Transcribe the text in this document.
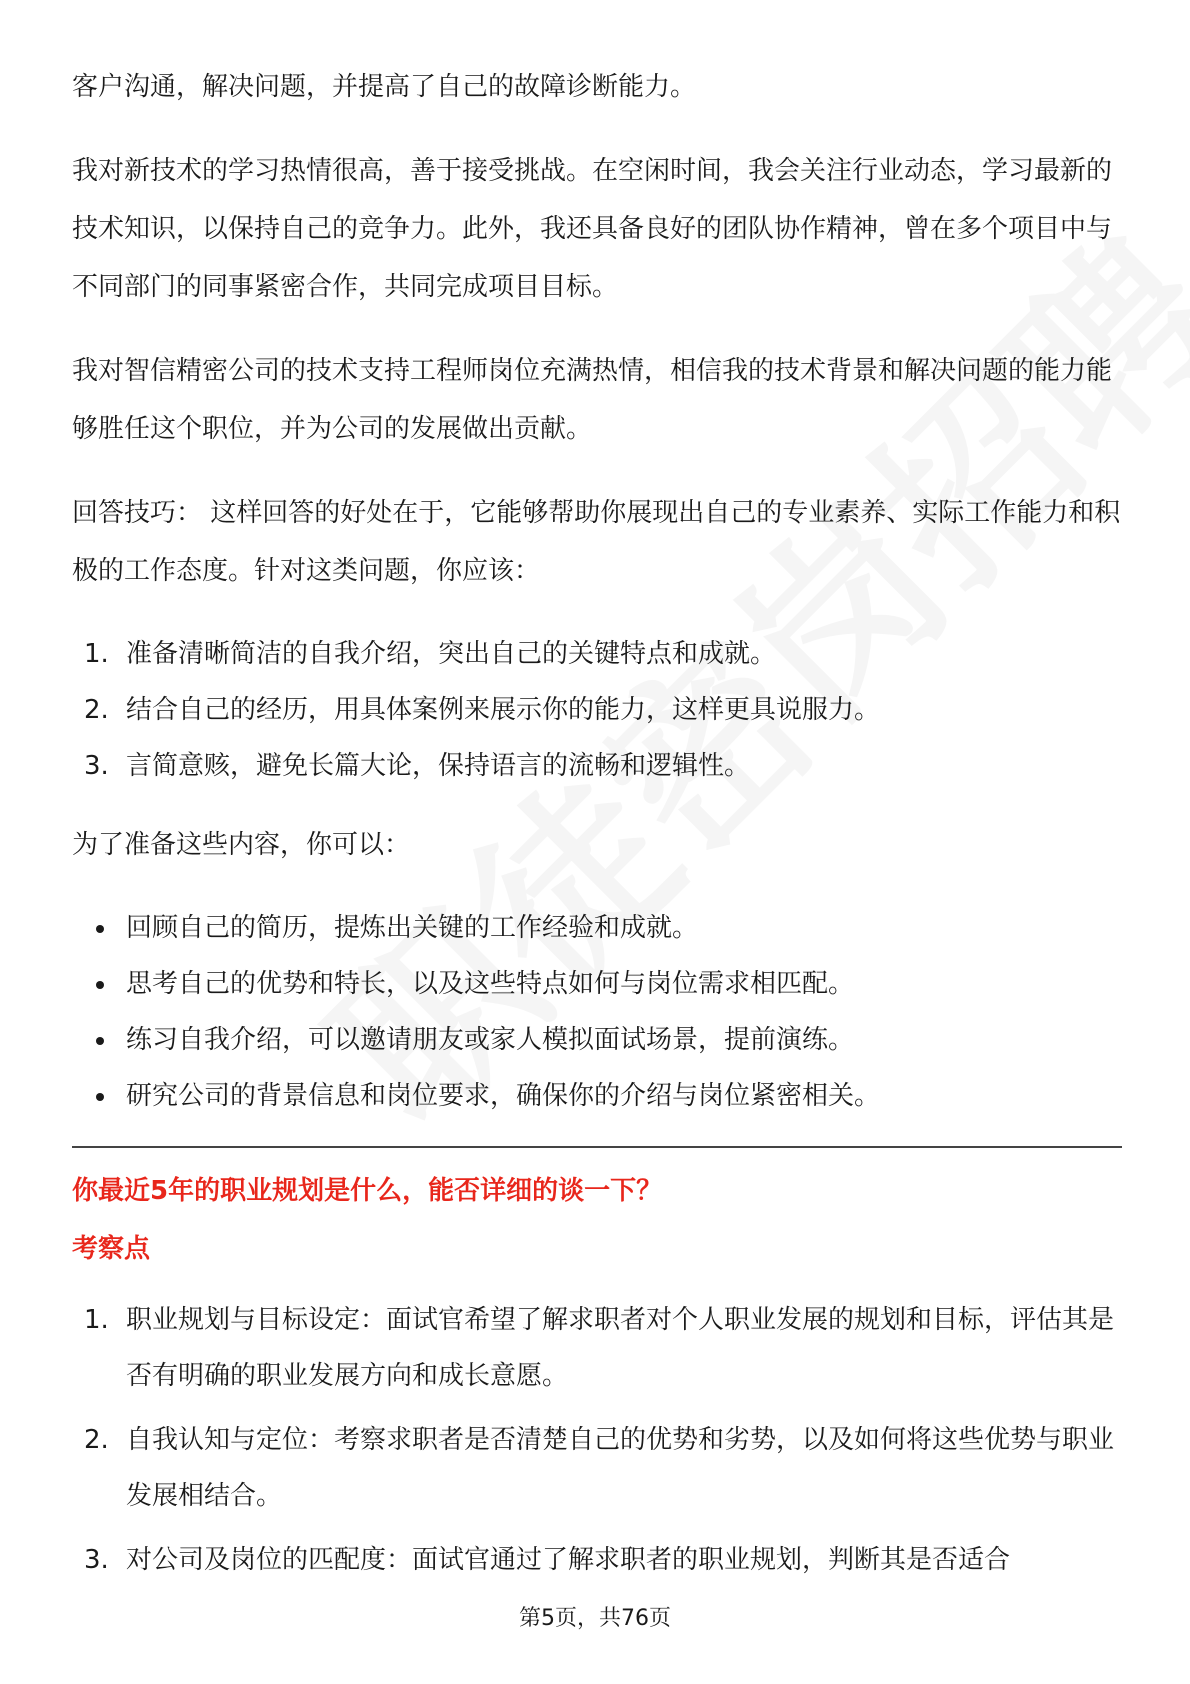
客户沟通，解决问题，并提高了自己的故障诊断能力。

我对新技术的学习热情很高，善于接受挑战。在空闲时间，我会关注行业动态，学习最新的技术知识，以保持自己的竞争力。此外，我还具备良好的团队协作精神，曾在多个项目中与不同部门的同事紧密合作，共同完成项目目标。

我对智信精密公司的技术支持工程师岗位充满热情，相信我的技术背景和解决问题的能力能够胜任这个职位，并为公司的发展做出贡献。

回答技巧： 这样回答的好处在于，它能够帮助你展现出自己的专业素养、实际工作能力和积极的工作态度。针对这类问题，你应该：

1. 准备清晰简洁的自我介绍，突出自己的关键特点和成就。
2. 结合自己的经历，用具体案例来展示你的能力，这样更具说服力。
3. 言简意赅，避免长篇大论，保持语言的流畅和逻辑性。

为了准备这些内容，你可以：

回顾自己的简历，提炼出关键的工作经验和成就。
思考自己的优势和特长，以及这些特点如何与岗位需求相匹配。
练习自我介绍，可以邀请朋友或家人模拟面试场景，提前演练。
研究公司的背景信息和岗位要求，确保你的介绍与岗位紧密相关。

你最近5年的职业规划是什么，能否详细的谈一下？

考察点

1. 职业规划与目标设定：面试官希望了解求职者对个人职业发展的规划和目标，评估其是否有明确的职业发展方向和成长意愿。
2. 自我认知与定位：考察求职者是否清楚自己的优势和劣势，以及如何将这些优势与职业发展相结合。
3. 对公司及岗位的匹配度：面试官通过了解求职者的职业规划，判断其是否适合
第5页，共76页
